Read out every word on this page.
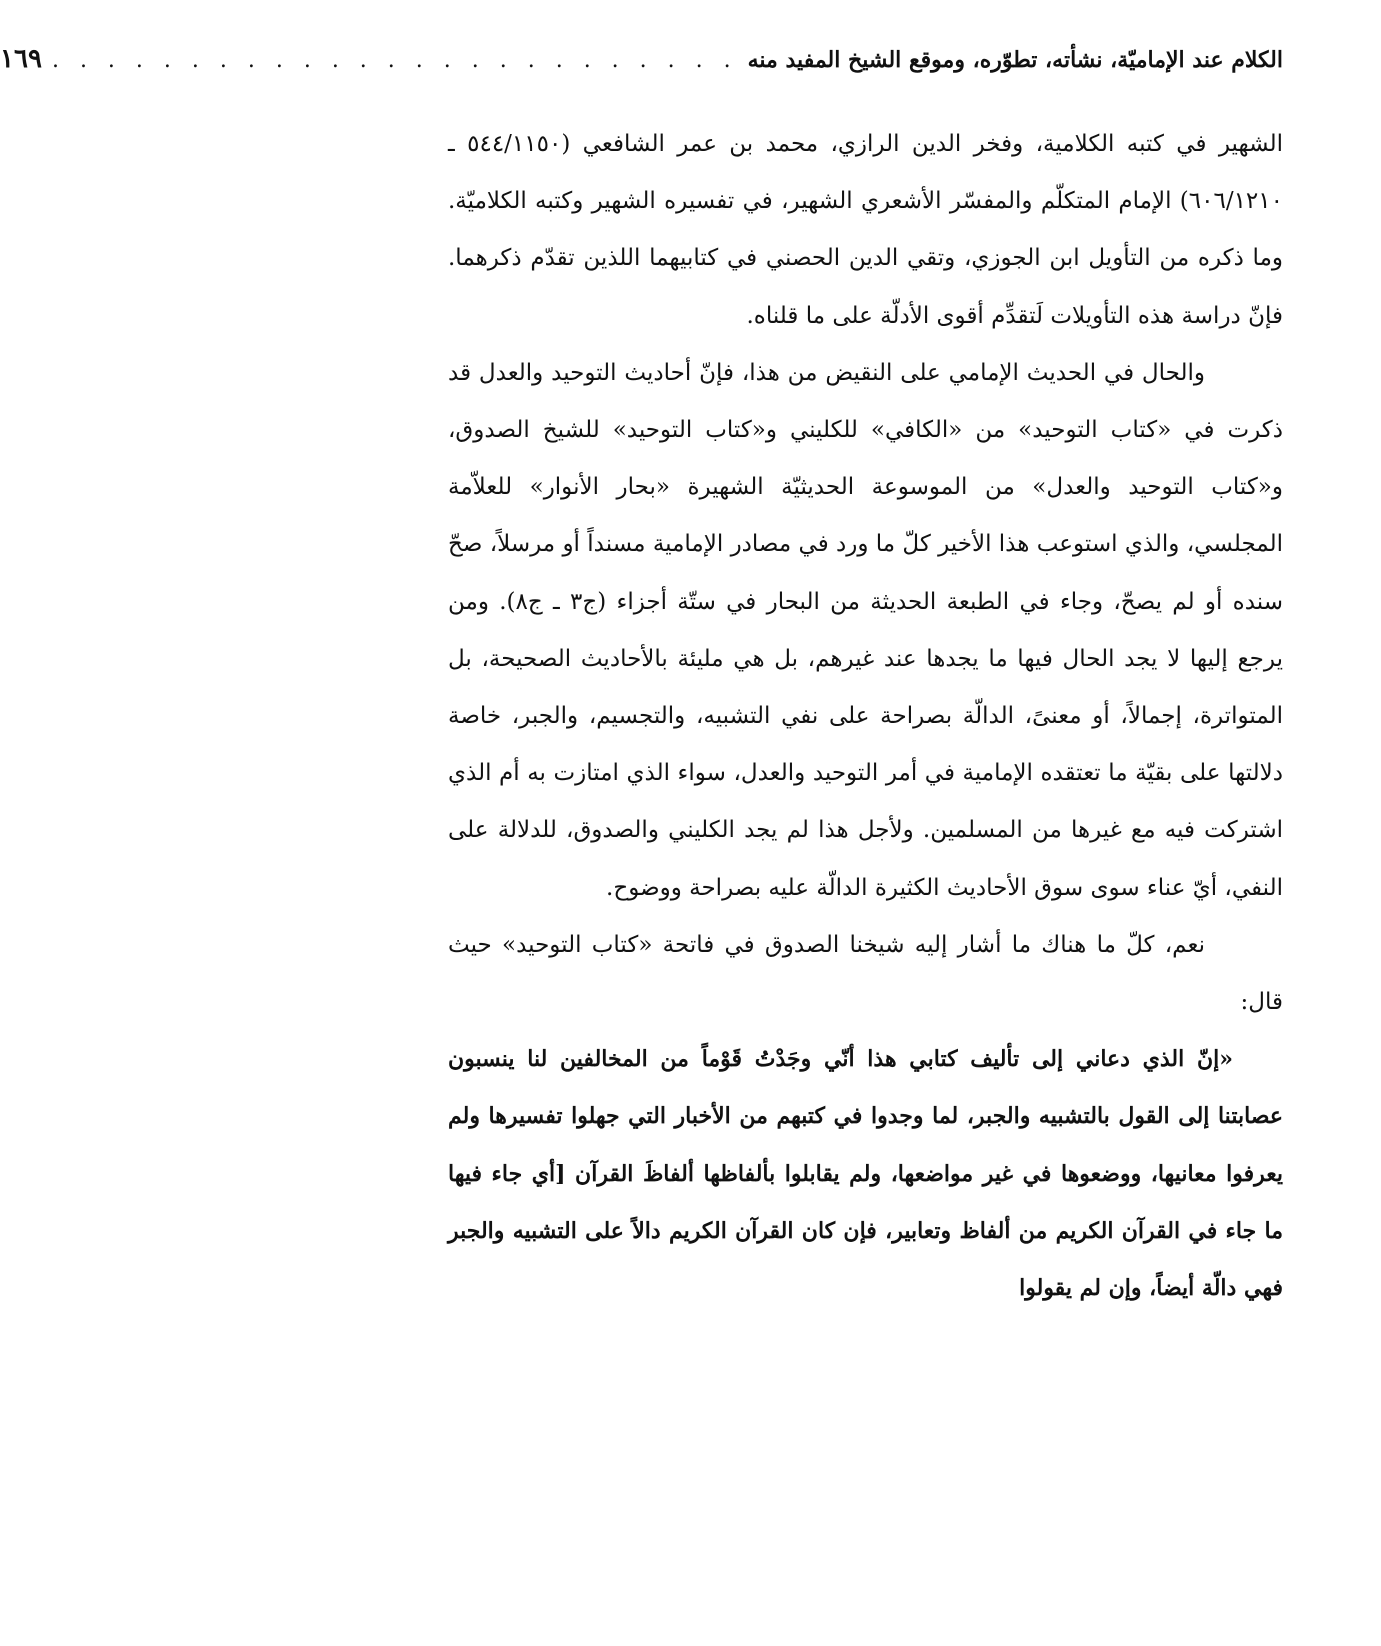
الكلام عند الإماميّة، نشأته، تطوّره، وموقع الشيخ المفيد منه
. . . . . . . . . . . . . . . . . . . . . . . . .
١٦٩

الشهير في كتبه الكلامية، وفخر الدين الرازي، محمد بن عمر الشافعي (٥٤٤/١١٥٠ ـ ٦٠٦/١٢١٠) الإمام المتكلّم والمفسّر الأشعري الشهير، في تفسيره الشهير وكتبه الكلاميّة. وما ذكره من التأويل ابن الجوزي، وتقي الدين الحصني في كتابيهما اللذين تقدّم ذكرهما. فإنّ دراسة هذه التأويلات لَتقدِّم أقوى الأدلّة على ما قلناه.

والحال في الحديث الإمامي على النقيض من هذا، فإنّ أحاديث التوحيد والعدل قد ذكرت في «كتاب التوحيد» من «الكافي» للكليني و«كتاب التوحيد» للشيخ الصدوق، و«كتاب التوحيد والعدل» من الموسوعة الحديثيّة الشهيرة «بحار الأنوار» للعلاّمة المجلسي، والذي استوعب هذا الأخير كلّ ما ورد في مصادر الإمامية مسنداً أو مرسلاً، صحّ سنده أو لم يصحّ، وجاء في الطبعة الحديثة من البحار في ستّة أجزاء (ج٣ ـ ج٨). ومن يرجع إليها لا يجد الحال فيها ما يجدها عند غيرهم، بل هي مليئة بالأحاديث الصحيحة، بل المتواترة، إجمالاً، أو معنىً، الدالّة بصراحة على نفي التشبيه، والتجسيم، والجبر، خاصة دلالتها على بقيّة ما تعتقده الإمامية في أمر التوحيد والعدل، سواء الذي امتازت به أم الذي اشتركت فيه مع غيرها من المسلمين. ولأجل هذا لم يجد الكليني والصدوق، للدلالة على النفي، أيّ عناء سوى سوق الأحاديث الكثيرة الدالّة عليه بصراحة ووضوح.

نعم، كلّ ما هناك ما أشار إليه شيخنا الصدوق في فاتحة «كتاب التوحيد» حيث قال:

«إنّ الذي دعاني إلى تأليف كتابي هذا أنّي وجَدْتُ قَوْماً من المخالفين لنا ينسبون عصابتنا إلى القول بالتشبيه والجبر، لما وجدوا في كتبهم من الأخبار التي جهلوا تفسيرها ولم يعرفوا معانيها، ووضعوها في غير مواضعها، ولم يقابلوا بألفاظها ألفاظَ القرآن [أي جاء فيها ما جاء في القرآن الكريم من ألفاظ وتعابير، فإن كان القرآن الكريم دالاً على التشبيه والجبر فهي دالّة أيضاً، وإن لم يقولوا
